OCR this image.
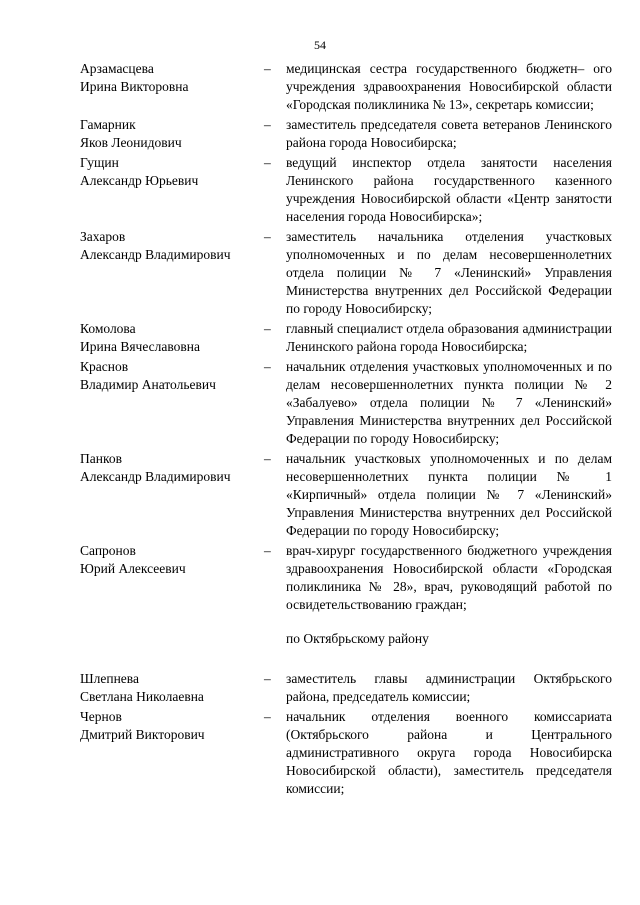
54
Арзамасцева
Ирина Викторовна
–	медицинская сестра государственного бюджетн– ого учреждения здравоохранения Новосибирской области «Городская поликлиника № 13», секретарь комиссии;
Гамарник
Яков Леонидович
–	заместитель председателя совета ветеранов Ленинского района города Новосибирска;
Гущин
Александр Юрьевич
–	ведущий инспектор отдела занятости населения Ленинского района государственного казенного учреждения Новосибирской области «Центр занятости населения города Новосибирска»;
Захаров
Александр Владимирович
–	заместитель начальника отделения участковых уполномоченных и по делам несовершеннолетних отдела полиции № 7 «Ленинский» Управления Министерства внутренних дел Российской Федерации по городу Новосибирску;
Комолова
Ирина Вячеславовна
–	главный специалист отдела образования администрации Ленинского района города Новосибирска;
Краснов
Владимир Анатольевич
–	начальник отделения участковых уполномоченных и по делам несовершеннолетних пункта полиции № 2 «Забалуево» отдела полиции № 7 «Ленинский» Управления Министерства внутренних дел Российской Федерации по городу Новосибирску;
Панков
Александр Владимирович
–	начальник участковых уполномоченных и по делам несовершеннолетних пункта полиции № 1 «Кирпичный» отдела полиции № 7 «Ленинский» Управления Министерства внутренних дел Российской Федерации по городу Новосибирску;
Сапронов
Юрий Алексеевич
–	врач-хирург государственного бюджетного учреждения здравоохранения Новосибирской области «Городская поликлиника № 28», врач, руководящий работой по освидетельствованию граждан;
по Октябрьскому району
Шлепнева
Светлана Николаевна
–	заместитель главы администрации Октябрьского района, председатель комиссии;
Чернов
Дмитрий Викторович
–	начальник отделения военного комиссариата (Октябрьского района и Центрального административного округа города Новосибирска Новосибирской области), заместитель председателя комиссии;
